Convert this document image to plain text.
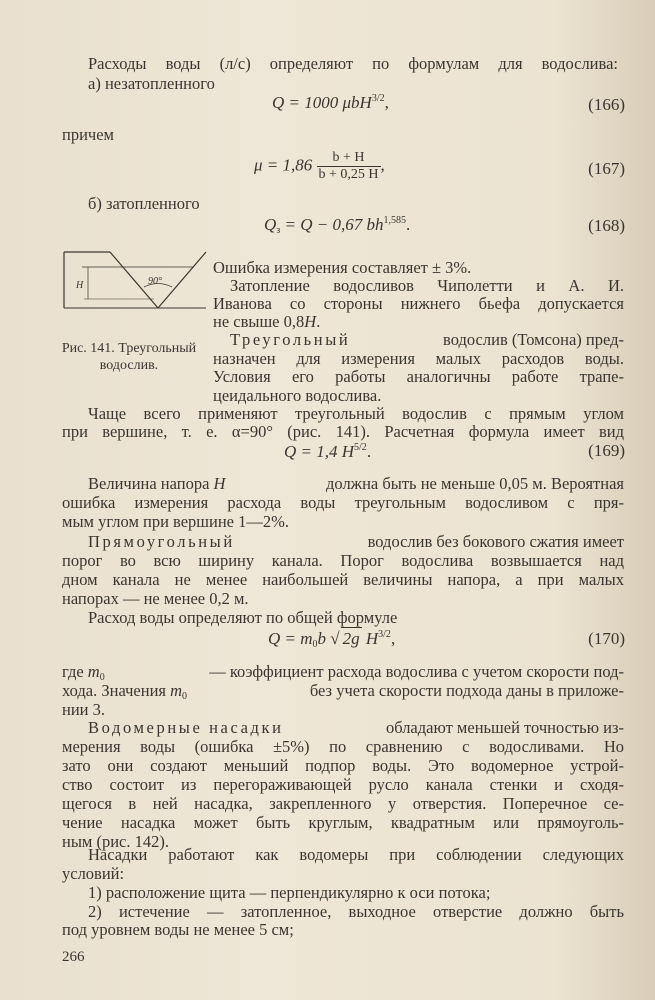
Расходы воды (л/с) определяют по формулам для водослива:
а) незатопленного
Q = 1000 μbH$^{3/2}$,	(166)
причем
$\mu = 1,86 \frac{b + H}{b + 0,25 H}$ ,	(167)
б) затопленного
$Q_з = Q - 0,67$ bh$^{1,585}$.	(168)
H	90°
Рис. 141. Треугольный водослив.
Ошибка измерения составляет ± 3%.
Затопление водосливов Чиполетти и А. И.
Иванова со стороны нижнего бьефа допускается
не свыше 0,8H.
Треугольный	водослив (Томсона) пред-
назначен для измерения малых расходов воды.
Условия его работы аналогичны работе трапе-
цеидального водослива.
Чаще всего применяют треугольный водослив с прямым углом
при вершине, т. е. α=90° (рис. 141). Расчетная формула имеет вид
Q = 1,4 $H^{5/2}$.	(169)
Величина напора H	должна быть не меньше 0,05 м. Вероятная
ошибка измерения расхода воды треугольным водосливом с пря-
мым углом при вершине 1—2%.
Прямоугольный	водослив без бокового сжатия имеет
порог во всю ширину канала. Порог водослива возвышается над
дном канала не менее наибольшей величины напора, а при малых
напорах — не менее 0,2 м.
Расход воды определяют по общей формуле
$Q = m_0b$ √ 2g $H^{3/2}$,	(170)
где $m_0$	— коэффициент расхода водослива с учетом скорости под-
хода. Значения $m_0$	без учета скорости подхода даны в приложе-
нии 3.
Водомерные насадки	обладают меньшей точностью из-
мерения воды (ошибка ±5%) по сравнению с водосливами. Но
зато они создают меньший подпор воды. Это водомерное устрой-
ство состоит из перегораживающей русло канала стенки и сходя-
щегося в ней насадка, закрепленного у отверстия. Поперечное се-
чение насадка может быть круглым, квадратным или прямоуголь-
ным (рис. 142).
Насадки работают как водомеры при соблюдении следующих
условий:
1) расположение щита — перпендикулярно к оси потока;
2) истечение — затопленное, выходное отверстие должно быть
под уровнем воды не менее 5 см;
266
